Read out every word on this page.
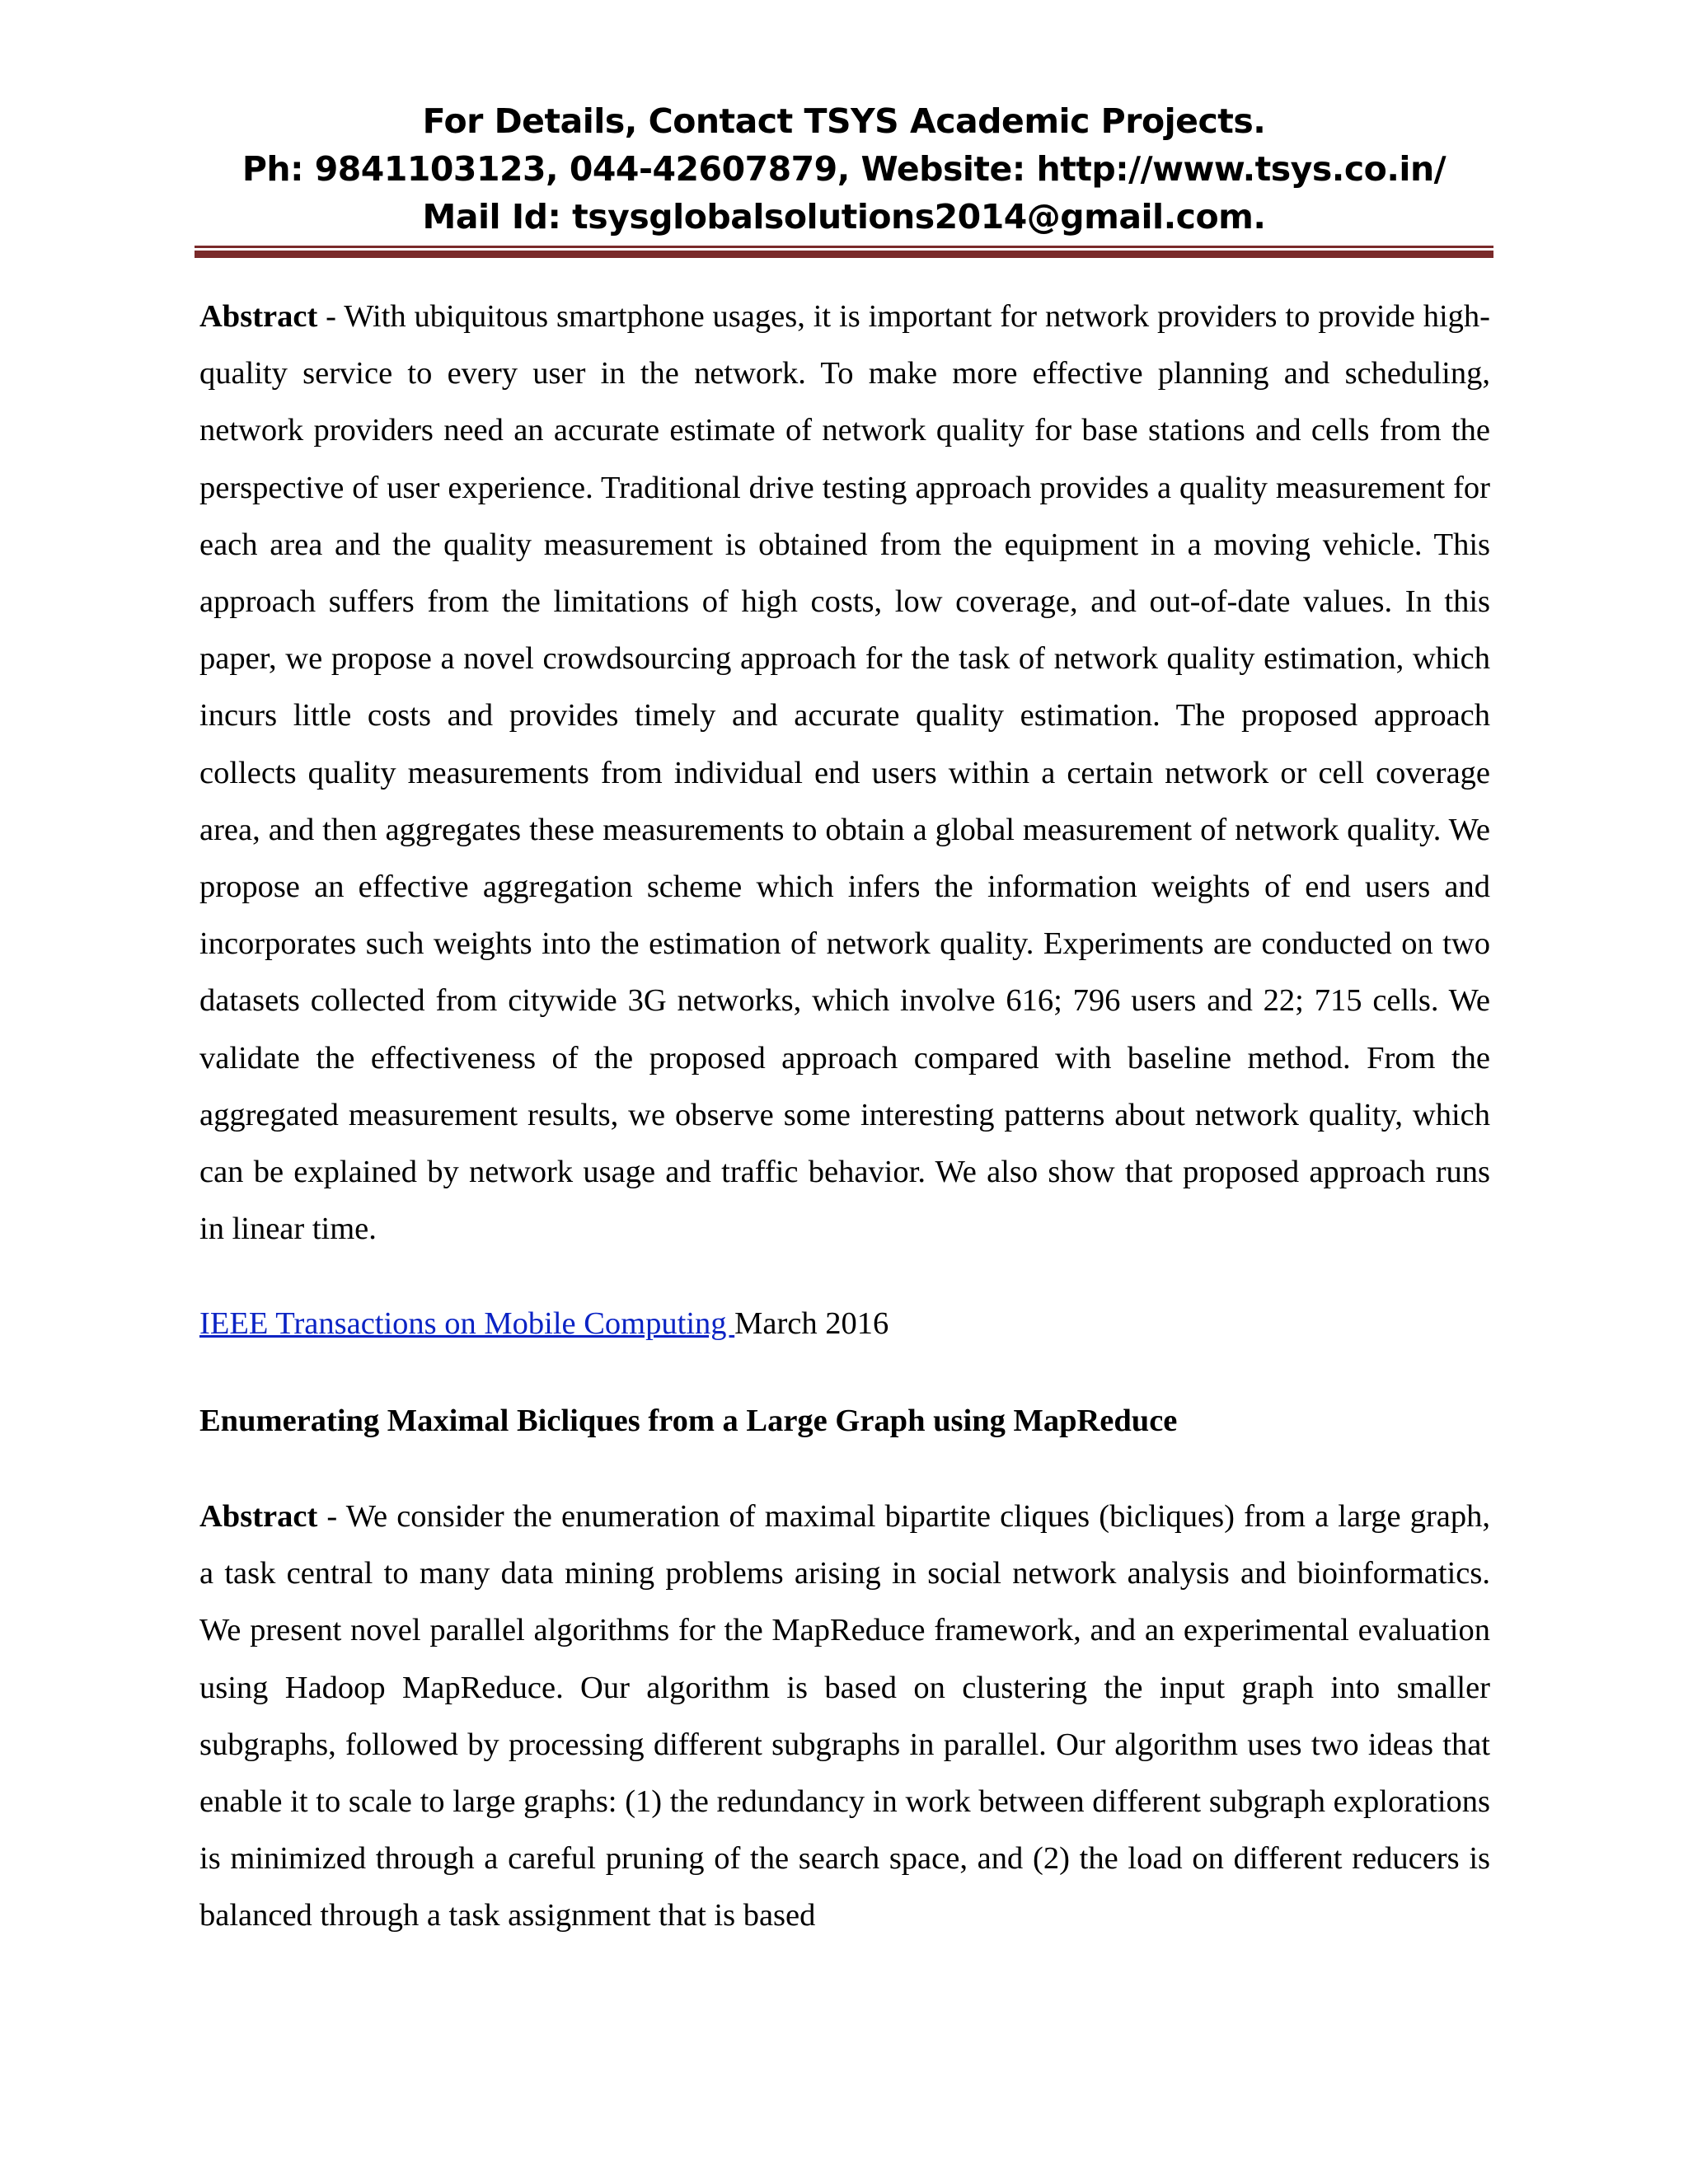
For Details, Contact TSYS Academic Projects.
Ph: 9841103123, 044-42607879, Website: http://www.tsys.co.in/
Mail Id: tsysglobalsolutions2014@gmail.com.
Abstract - With ubiquitous smartphone usages, it is important for network providers to provide high-quality service to every user in the network. To make more effective planning and scheduling, network providers need an accurate estimate of network quality for base stations and cells from the perspective of user experience. Traditional drive testing approach provides a quality measurement for each area and the quality measurement is obtained from the equipment in a moving vehicle. This approach suffers from the limitations of high costs, low coverage, and out-of-date values. In this paper, we propose a novel crowdsourcing approach for the task of network quality estimation, which incurs little costs and provides timely and accurate quality estimation. The proposed approach collects quality measurements from individual end users within a certain network or cell coverage area, and then aggregates these measurements to obtain a global measurement of network quality. We propose an effective aggregation scheme which infers the information weights of end users and incorporates such weights into the estimation of network quality. Experiments are conducted on two datasets collected from citywide 3G networks, which involve 616; 796 users and 22; 715 cells. We validate the effectiveness of the proposed approach compared with baseline method. From the aggregated measurement results, we observe some interesting patterns about network quality, which can be explained by network usage and traffic behavior. We also show that proposed approach runs in linear time.
IEEE Transactions on Mobile Computing March 2016
Enumerating Maximal Bicliques from a Large Graph using MapReduce
Abstract - We consider the enumeration of maximal bipartite cliques (bicliques) from a large graph, a task central to many data mining problems arising in social network analysis and bioinformatics. We present novel parallel algorithms for the MapReduce framework, and an experimental evaluation using Hadoop MapReduce. Our algorithm is based on clustering the input graph into smaller subgraphs, followed by processing different subgraphs in parallel. Our algorithm uses two ideas that enable it to scale to large graphs: (1) the redundancy in work between different subgraph explorations is minimized through a careful pruning of the search space, and (2) the load on different reducers is balanced through a task assignment that is based
